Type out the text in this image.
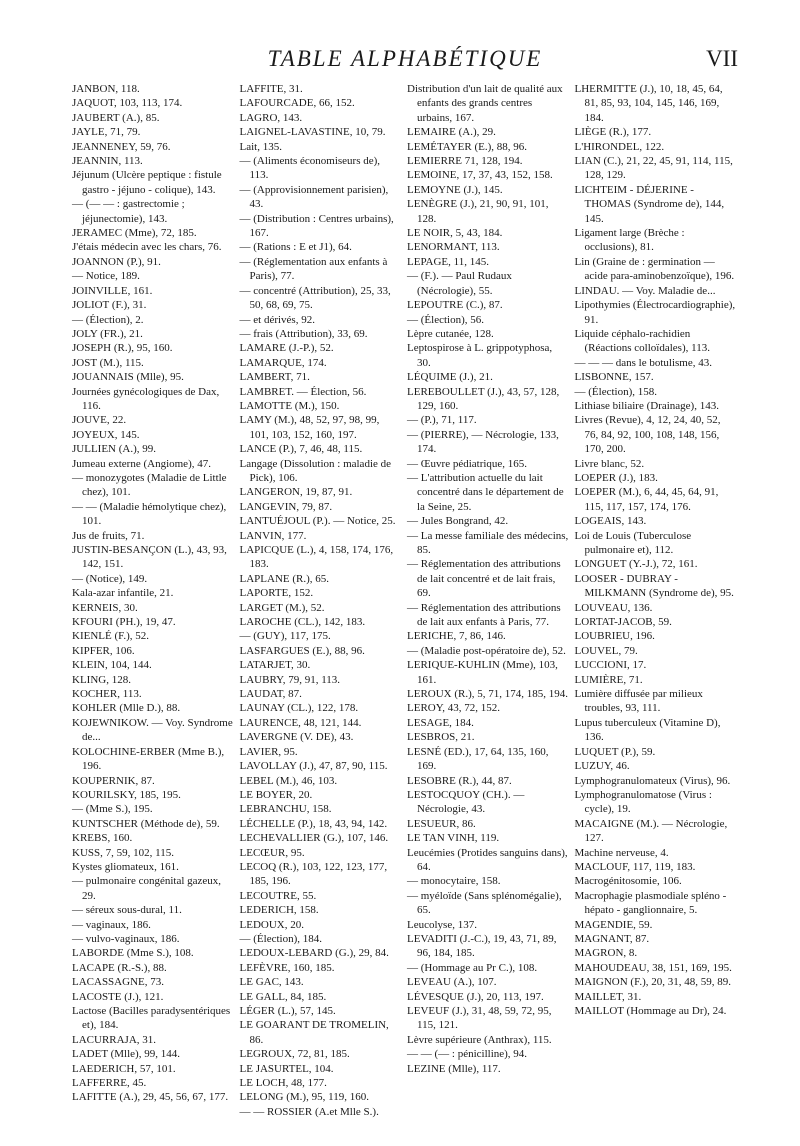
TABLE ALPHABÉTIQUE	VII

JANBON, 118.

JAQUOT, 103, 113, 174.

JAUBERT (A.), 85.

JAYLE, 71, 79.

JEANNENEY, 59, 76.

JEANNIN, 113.

Jéjunum (Ulcère peptique : fistule gastro - jéjuno - colique), 143.

— (— — : gastrectomie ; jéjunectomie), 143.

JERAMEC (Mme), 72, 185.

J'étais médecin avec les chars, 76.

JOANNON (P.), 91.

— Notice, 189.

JOINVILLE, 161.

JOLIOT (F.), 31.

— (Élection), 2.

JOLY (FR.), 21.

JOSEPH (R.), 95, 160.

JOST (M.), 115.

JOUANNAIS (Mlle), 95.

Journées gynécologiques de Dax, 116.

JOUVE, 22.

JOYEUX, 145.

JULLIEN (A.), 99.

Jumeau externe (Angiome), 47.

— monozygotes (Maladie de Little chez), 101.

— — (Maladie hémolytique chez), 101.

Jus de fruits, 71.

JUSTIN-BESANÇON (L.), 43, 93, 142, 151.

— (Notice), 149.

Kala-azar infantile, 21.

KERNEIS, 30.

KFOURI (PH.), 19, 47.

KIENLÉ (F.), 52.

KIPFER, 106.

KLEIN, 104, 144.

KLING, 128.

KOCHER, 113.

KOHLER (Mlle D.), 88.

KOJEWNIKOW. — Voy. Syndrome de...

KOLOCHINE-ERBER (Mme B.), 196.

KOUPERNIK, 87.

KOURILSKY, 185, 195.

— (Mme S.), 195.

KUNTSCHER (Méthode de), 59.

KREBS, 160.

KUSS, 7, 59, 102, 115.

Kystes gliomateux, 161.

— pulmonaire congénital gazeux, 29.

— séreux sous-dural, 11.

— vaginaux, 186.

— vulvo-vaginaux, 186.

LABORDE (Mme S.), 108.

LACAPE (R.-S.), 88.

LACASSAGNE, 73.

LACOSTE (J.), 121.

Lactose (Bacilles paradysentériques et), 184.

LACURRAJA, 31.

LADET (Mlle), 99, 144.

LAEDERICH, 57, 101.

LAFFERRE, 45.

LAFITTE (A.), 29, 45, 56, 67, 177.

LAFFITE, 31.

LAFOURCADE, 66, 152.

LAGRO, 143.

LAIGNEL-LAVASTINE, 10, 79.

Lait, 135.

— (Aliments économiseurs de), 113.

— (Approvisionnement parisien), 43.

— (Distribution : Centres urbains), 167.

— (Rations : E et J1), 64.

— (Réglementation aux enfants à Paris), 77.

— concentré (Attribution), 25, 33, 50, 68, 69, 75.

— et dérivés, 92.

— frais (Attribution), 33, 69.

LAMARE (J.-P.), 52.

LAMARQUE, 174.

LAMBERT, 71.

LAMBRET. — Élection, 56.

LAMOTTE (M.), 150.

LAMY (M.), 48, 52, 97, 98, 99, 101, 103, 152, 160, 197.

LANCE (P.), 7, 46, 48, 115.

Langage (Dissolution : maladie de Pick), 106.

LANGERON, 19, 87, 91.

LANGEVIN, 79, 87.

LANTUÉJOUL (P.). — Notice, 25.

LANVIN, 177.

LAPICQUE (L.), 4, 158, 174, 176, 183.

LAPLANE (R.), 65.

LAPORTE, 152.

LARGET (M.), 52.

LAROCHE (CL.), 142, 183.

— (GUY), 117, 175.

LASFARGUES (E.), 88, 96.

LATARJET, 30.

LAUBRY, 79, 91, 113.

LAUDAT, 87.

LAUNAY (CL.), 122, 178.

LAURENCE, 48, 121, 144.

LAVERGNE (V. DE), 43.

LAVIER, 95.

LAVOLLAY (J.), 47, 87, 90, 115.

LEBEL (M.), 46, 103.

LE BOYER, 20.

LEBRANCHU, 158.

LÉCHELLE (P.), 18, 43, 94, 142.

LECHEVALLIER (G.), 107, 146.

LECŒUR, 95.

LECOQ (R.), 103, 122, 123, 177, 185, 196.

LECOUTRE, 55.

LEDERICH, 158.

LEDOUX, 20.

— (Élection), 184.

LEDOUX-LEBARD (G.), 29, 84.

LEFÈVRE, 160, 185.

LE GAC, 143.

LE GALL, 84, 185.

LÉGER (L.), 57, 145.

LE GOARANT DE TROMELIN, 86.

LEGROUX, 72, 81, 185.

LE JASURTEL, 104.

LE LOCH, 48, 177.

LELONG (M.), 95, 119, 160.

— — ROSSIER (A.et Mlle S.).

Distribution d'un lait de qualité aux enfants des grands centres urbains, 167.

LEMAIRE (A.), 29.

LEMÉTAYER (E.), 88, 96.

LEMIERRE 71, 128, 194.

LEMOINE, 17, 37, 43, 152, 158.

LEMOYNE (J.), 145.

LENÈGRE (J.), 21, 90, 91, 101, 128.

LE NOIR, 5, 43, 184.

LENORMANT, 113.

LEPAGE, 11, 145.

— (F.). — Paul Rudaux (Nécrologie), 55.

LEPOUTRE (C.), 87.

— (Élection), 56.

Lèpre cutanée, 128.

Leptospirose à L. grippotyphosa, 30.

LÉQUIME (J.), 21.

LEREBOULLET (J.), 43, 57, 128, 129, 160.

— (P.), 71, 117.

— (PIERRE), — Nécrologie, 133, 174.

— Œuvre pédiatrique, 165.

— L'attribution actuelle du lait concentré dans le département de la Seine, 25.

— Jules Bongrand, 42.

— La messe familiale des médecins, 85.

— Réglementation des attributions de lait concentré et de lait frais, 69.

— Réglementation des attributions de lait aux enfants à Paris, 77.

LERICHE, 7, 86, 146.

— (Maladie post-opératoire de), 52.

LERIQUE-KUHLIN (Mme), 103, 161.

LEROUX (R.), 5, 71, 174, 185, 194.

LEROY, 43, 72, 152.

LESAGE, 184.

LESBROS, 21.

LESNÉ (ED.), 17, 64, 135, 160, 169.

LESOBRE (R.), 44, 87.

LESTOCQUOY (CH.). — Nécrologie, 43.

LESUEUR, 86.

LE TAN VINH, 119.

Leucémies (Protides sanguins dans), 64.

— monocytaire, 158.

— myéloïde (Sans splénomégalie), 65.

Leucolyse, 137.

LEVADITI (J.-C.), 19, 43, 71, 89, 96, 184, 185.

— (Hommage au Pr C.), 108.

LEVEAU (A.), 107.

LÉVESQUE (J.), 20, 113, 197.

LEVEUF (J.), 31, 48, 59, 72, 95, 115, 121.

Lèvre supérieure (Anthrax), 115.

— — (— : pénicilline), 94.

LEZINE (Mlle), 117.

LHERMITTE (J.), 10, 18, 45, 64, 81, 85, 93, 104, 145, 146, 169, 184.

LIÈGE (R.), 177.

L'HIRONDEL, 122.

LIAN (C.), 21, 22, 45, 91, 114, 115, 128, 129.

LICHTEIM - DÉJERINE - THOMAS (Syndrome de), 144, 145.

Ligament large (Brèche : occlusions), 81.

Lin (Graine de : germination — acide para-aminobenzoïque), 196.

LINDAU. — Voy. Maladie de...

Lipothymies (Électrocardiographie), 91.

Liquide céphalo-rachidien (Réactions colloïdales), 113.

— — — dans le botulisme, 43.

LISBONNE, 157.

— (Élection), 158.

Lithiase biliaire (Drainage), 143.

Livres (Revue), 4, 12, 24, 40, 52, 76, 84, 92, 100, 108, 148, 156, 170, 200.

Livre blanc, 52.

LOEPER (J.), 183.

LOEPER (M.), 6, 44, 45, 64, 91, 115, 117, 157, 174, 176.

LOGEAIS, 143.

Loi de Louis (Tuberculose pulmonaire et), 112.

LONGUET (Y.-J.), 72, 161.

LOOSER - DUBRAY - MILKMANN (Syndrome de), 95.

LOUVEAU, 136.

LORTAT-JACOB, 59.

LOUBRIEU, 196.

LOUVEL, 79.

LUCCIONI, 17.

LUMIÈRE, 71.

Lumière diffusée par milieux troubles, 93, 111.

Lupus tuberculeux (Vitamine D), 136.

LUQUET (P.), 59.

LUZUY, 46.

Lymphogranulomateux (Virus), 96.

Lymphogranulomatose (Virus : cycle), 19.

MACAIGNE (M.). — Nécrologie, 127.

Machine nerveuse, 4.

MACLOUF, 117, 119, 183.

Macrogénitosomie, 106.

Macrophagie plasmodiale spléno - hépato - ganglionnaire, 5.

MAGENDIE, 59.

MAGNANT, 87.

MAGRON, 8.

MAHOUDEAU, 38, 151, 169, 195.

MAIGNON (F.), 20, 31, 48, 59, 89.

MAILLET, 31.

MAILLOT (Hommage au Dr), 24.
